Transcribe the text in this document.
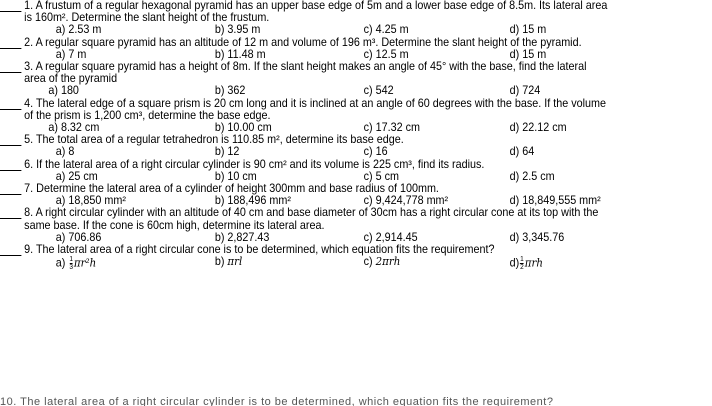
1. A frustum of a regular hexagonal pyramid has an upper base edge of 5m and a lower base edge of 8.5m. Its lateral area
is 160m². Determine the slant height of the frustum.
a) 2.53 m	b) 3.95 m	c) 4.25 m	d) 15 m
2. A regular square pyramid has an altitude of 12 m and volume of 196 m³. Determine the slant height of the pyramid.
a) 7 m	b) 11.48 m	c) 12.5 m	d) 15 m
3. A regular square pyramid has a height of 8m. If the slant height makes an angle of 45° with the base, find the lateral
area of the pyramid
a) 180	b) 362	c) 542	d) 724
4. The lateral edge of a square prism is 20 cm long and it is inclined at an angle of 60 degrees with the base. If the volume
of the prism is 1,200 cm³, determine the base edge.
a) 8.32 cm	b) 10.00 cm	c) 17.32 cm	d) 22.12 cm
5. The total area of a regular tetrahedron is 110.85 m², determine its base edge.
a) 8	b) 12	c) 16	d) 64
6. If the lateral area of a right circular cylinder is 90 cm² and its volume is 225 cm³, find its radius.
a) 25 cm	b) 10 cm	c) 5 cm	d) 2.5 cm
7. Determine the lateral area of a cylinder of height 300mm and base radius of 100mm.
a) 18,850 mm²	b) 188,496 mm²	c) 9,424,778 mm²	d) 18,849,555 mm²
8. A right circular cylinder with an altitude of 40 cm and base diameter of 30cm has a right circular cone at its top with the
same base. If the cone is 60cm high, determine its lateral area.
a) 706.86	b) 2,827.43	c) 2,914.45	d) 3,345.76
9. The lateral area of a right circular cone is to be determined, which equation fits the requirement?
$a) \frac{1}{3} \pi r^2h$	b) πrl	c) 2πrh	$d) \frac{1}{2}$ πrh
10. The lateral area of a right circular cylinder is to be determined, which equation fits the requirement?
